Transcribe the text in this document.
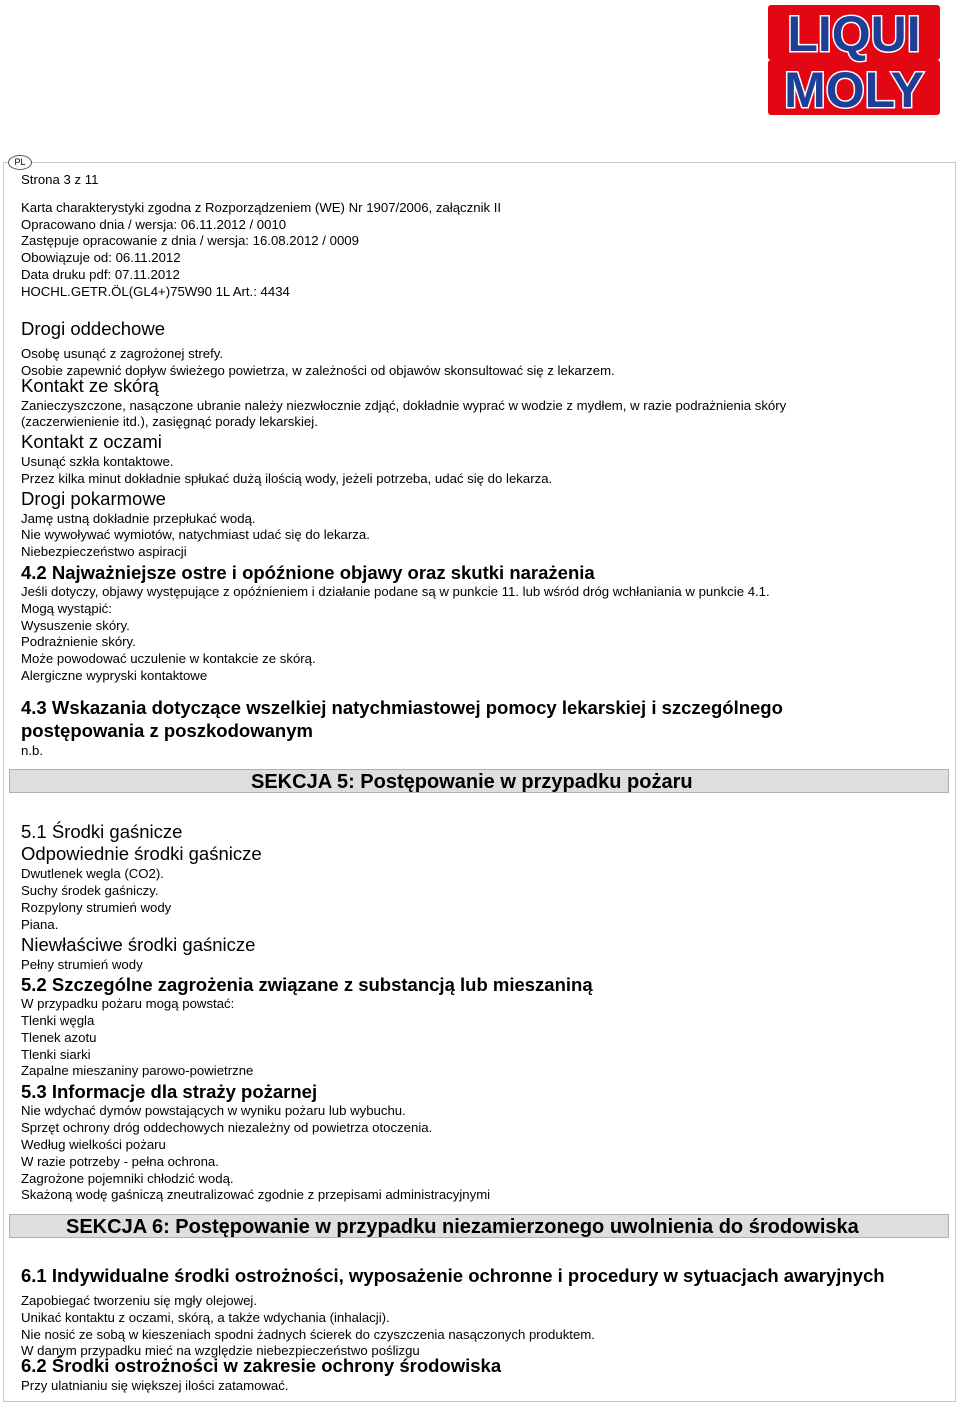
LIQUI
MOLY
PL
Strona 3 z 11
Karta charakterystyki zgodna z Rozporządzeniem (WE) Nr 1907/2006, załącznik II
Opracowano dnia / wersja: 06.11.2012 / 0010
Zastępuje opracowanie z dnia / wersja: 16.08.2012 / 0009
Obowiązuje od: 06.11.2012
Data druku pdf: 07.11.2012
HOCHL.GETR.ÖL(GL4+)75W90 1L Art.: 4434
Drogi oddechowe
Osobę usunąć z zagrożonej strefy.
Osobie zapewnić dopływ świeżego powietrza, w zależności od objawów skonsultować się z lekarzem.
Kontakt ze skórą
Zanieczyszczone, nasączone ubranie należy niezwłocznie zdjąć, dokładnie wyprać w wodzie z mydłem, w razie podrażnienia skóry
(zaczerwienienie itd.), zasięgnąć porady lekarskiej.
Kontakt z oczami
Usunąć szkła kontaktowe.
Przez kilka minut dokładnie spłukać dużą ilością wody, jeżeli potrzeba, udać się do lekarza.
Drogi pokarmowe
Jamę ustną dokładnie przepłukać wodą.
Nie wywoływać wymiotów, natychmiast udać się do lekarza.
Niebezpieczeństwo aspiracji
4.2 Najważniejsze ostre i opóźnione objawy oraz skutki narażenia
Jeśli dotyczy, objawy występujące z opóźnieniem i działanie podane są w punkcie 11. lub wśród dróg wchłaniania w punkcie 4.1.
Mogą wystąpić:
Wysuszenie skóry.
Podrażnienie skóry.
Może powodować uczulenie w kontakcie ze skórą.
Alergiczne wypryski kontaktowe
4.3 Wskazania dotyczące wszelkiej natychmiastowej pomocy lekarskiej i szczególnego
postępowania z poszkodowanym
n.b.
SEKCJA 5: Postępowanie w przypadku pożaru
5.1 Środki gaśnicze
Odpowiednie środki gaśnicze
Dwutlenek wegla (CO2).
Suchy środek gaśniczy.
Rozpylony strumień wody
Piana.
Niewłaściwe środki gaśnicze
Pełny strumień wody
5.2 Szczególne zagrożenia związane z substancją lub mieszaniną
W przypadku pożaru mogą powstać:
Tlenki węgla
Tlenek azotu
Tlenki siarki
Zapalne mieszaniny parowo-powietrzne
5.3 Informacje dla straży pożarnej
Nie wdychać dymów powstających w wyniku pożaru lub wybuchu.
Sprzęt ochrony dróg oddechowych niezależny od powietrza otoczenia.
Według wielkości pożaru
W razie potrzeby - pełna ochrona.
Zagrożone pojemniki chłodzić wodą.
Skażoną wodę gaśniczą zneutralizować zgodnie z przepisami administracyjnymi
SEKCJA 6: Postępowanie w przypadku niezamierzonego uwolnienia do środowiska
6.1 Indywidualne środki ostrożności, wyposażenie ochronne i procedury w sytuacjach awaryjnych
Zapobiegać tworzeniu się mgły olejowej.
Unikać kontaktu z oczami, skórą, a także wdychania (inhalacji).
Nie nosić ze sobą w kieszeniach spodni żadnych ścierek do czyszczenia nasączonych produktem.
W danym przypadku mieć na względzie niebezpieczeństwo poślizgu
6.2 Środki ostrożności w zakresie ochrony środowiska
Przy ulatnianiu się większej ilości zatamować.
